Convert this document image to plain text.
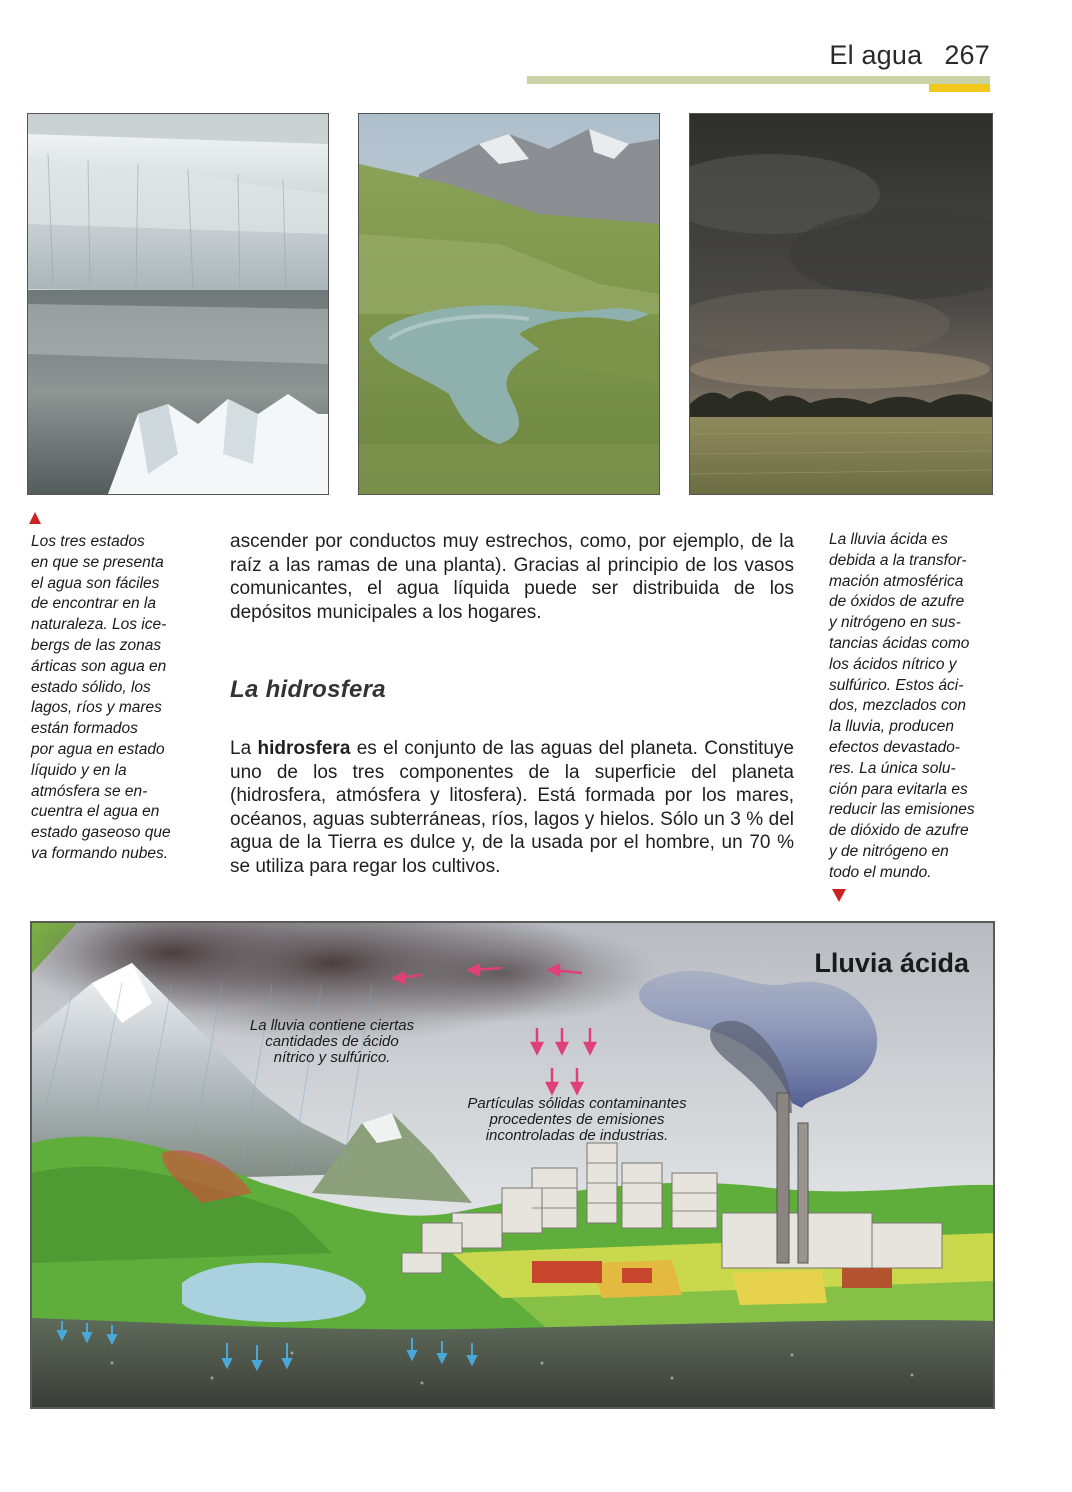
El agua 267
Los tres estados
en que se presenta
el agua son fáciles
de encontrar en la
naturaleza. Los ice-
bergs de las zonas
árticas son agua en
estado sólido, los
lagos, ríos y mares
están formados
por agua en estado
líquido y en la
atmósfera se en-
cuentra el agua en
estado gaseoso que
va formando nubes.
La lluvia ácida es
debida a la transfor-
mación atmosférica
de óxidos de azufre
y nitrógeno en sus-
tancias ácidas como
los ácidos nítrico y
sulfúrico. Estos áci-
dos, mezclados con
la lluvia, producen
efectos devastado-
res. La única solu-
ción para evitarla es
reducir las emisiones
de dióxido de azufre
y de nitrógeno en
todo el mundo.
ascender por conductos muy estrechos, como, por ejemplo, de la raíz a las ramas de una planta). Gracias al principio de los vasos comunicantes, el agua líquida puede ser distribuida de los depósitos municipales a los hogares.
La hidrosfera
La hidrosfera es el conjunto de las aguas del planeta. Constituye uno de los tres componentes de la superficie del planeta (hidrosfera, atmósfera y litosfera). Está formada por los mares, océanos, aguas subterráneas, ríos, lagos y hielos. Sólo un 3 % del agua de la Tierra es dulce y, de la usada por el hombre, un 70 % se utiliza para regar los cultivos.
Lluvia ácida
La lluvia contiene ciertas
cantidades de ácido
nítrico y sulfúrico.
Partículas sólidas contaminantes
procedentes de emisiones
incontroladas de industrias.
